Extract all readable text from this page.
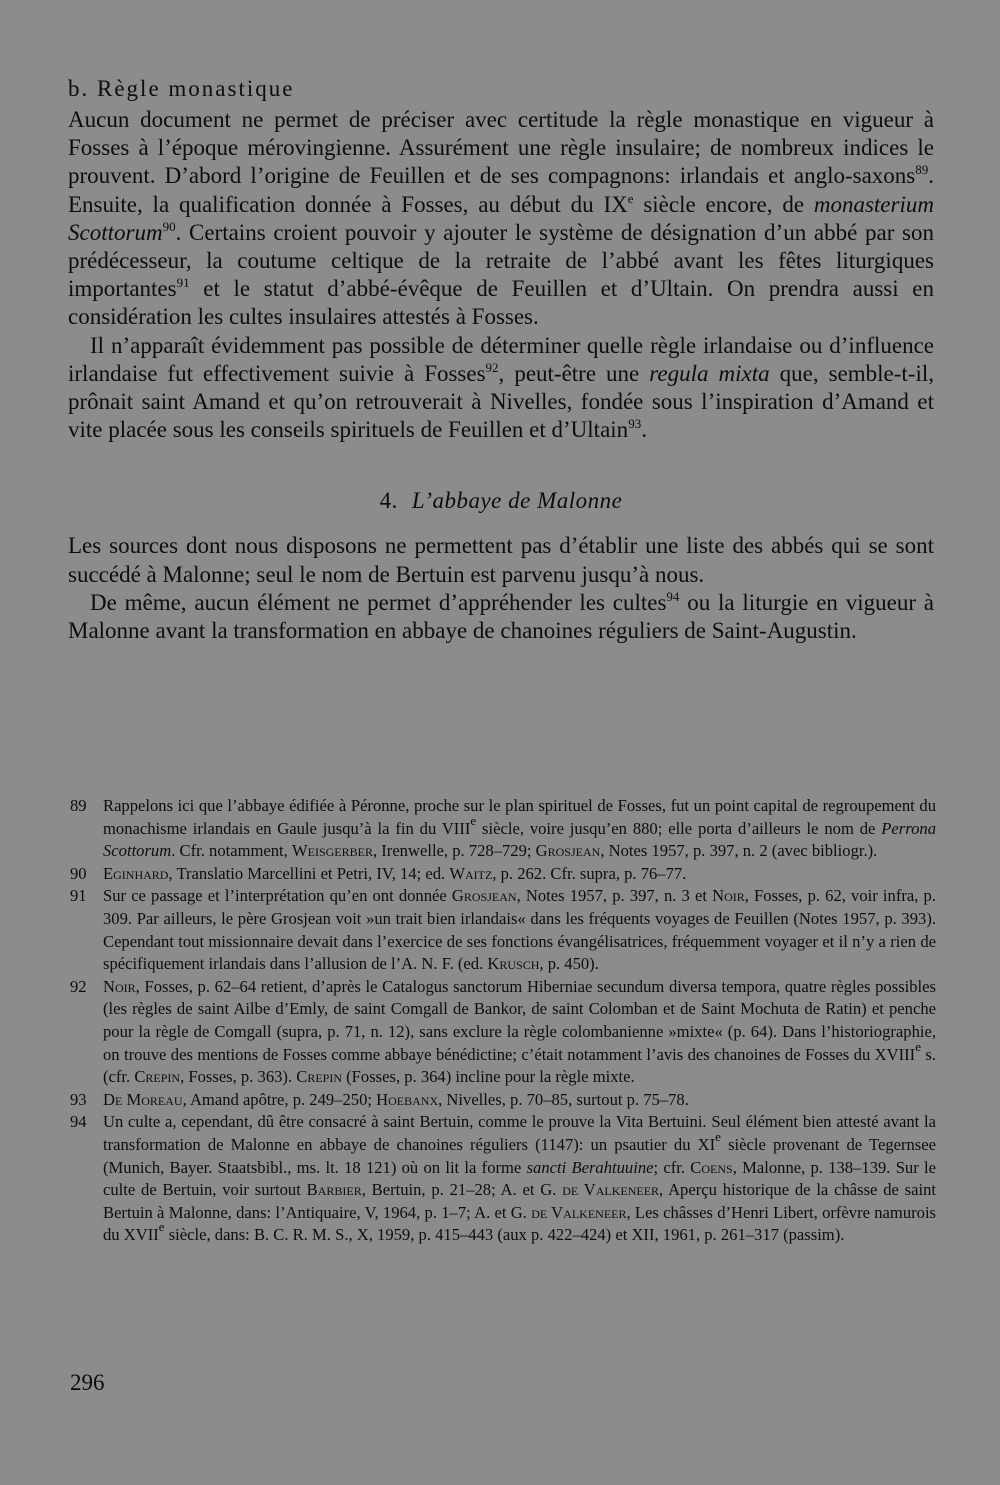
b. Règle monastique

Aucun document ne permet de préciser avec certitude la règle monastique en vigueur à Fosses à l’époque mérovingienne. Assurément une règle insulaire; de nombreux indices le prouvent. D’abord l’origine de Feuillen et de ses compagnons: irlandais et anglo-saxons$^{89}$. Ensuite, la qualification donnée à Fosses, au début du IXe siècle encore, de monasterium Scottorum$^{90}$. Certains croient pouvoir y ajouter le système de désignation d’un abbé par son prédécesseur, la coutume celtique de la retraite de l’abbé avant les fêtes liturgiques importantes$^{91}$ et le statut d’abbé-évêque de Feuillen et d’Ultain. On prendra aussi en considération les cultes insulaires attestés à Fosses.

Il n’apparaît évidemment pas possible de déterminer quelle règle irlandaise ou d’influence irlandaise fut effectivement suivie à Fosses$^{92}$, peut-être une regula mixta que, semble-t-il, prônait saint Amand et qu’on retrouverait à Nivelles, fondée sous l’inspiration d’Amand et vite placée sous les conseils spirituels de Feuillen et d’Ultain$^{93}$.

4. L’abbaye de Malonne

Les sources dont nous disposons ne permettent pas d’établir une liste des abbés qui se sont succédé à Malonne; seul le nom de Bertuin est parvenu jusqu’à nous.

De même, aucun élément ne permet d’appréhender les cultes$^{94}$ ou la liturgie en vigueur à Malonne avant la transformation en abbaye de chanoines réguliers de Saint-Augustin.

89 Rappelons ici que l’abbaye édifiée à Péronne, proche sur le plan spirituel de Fosses, fut un point capital de regroupement du monachisme irlandais en Gaule jusqu’à la fin du VIIIe siècle, voire jusqu’en 880; elle porta d’ailleurs le nom de Perrona Scottorum. Cfr. notamment, Weisgerber, Irenwelle, p. 728–729; Grosjean, Notes 1957, p. 397, n. 2 (avec bibliogr.).
90 Eginhard, Translatio Marcellini et Petri, IV, 14; ed. Waitz, p. 262. Cfr. supra, p. 76–77.
91 Sur ce passage et l’interprétation qu’en ont donnée Grosjean, Notes 1957, p. 397, n. 3 et Noir, Fosses, p. 62, voir infra, p. 309. Par ailleurs, le père Grosjean voit »un trait bien irlandais« dans les fréquents voyages de Feuillen (Notes 1957, p. 393). Cependant tout missionnaire devait dans l’exercice de ses fonctions évangélisatrices, fréquemment voyager et il n’y a rien de spécifiquement irlandais dans l’allusion de l’A. N. F. (ed. Krusch, p. 450).
92 Noir, Fosses, p. 62–64 retient, d’après le Catalogus sanctorum Hiberniae secundum diversa tempora, quatre règles possibles (les règles de saint Ailbe d’Emly, de saint Comgall de Bankor, de saint Colomban et de Saint Mochuta de Ratin) et penche pour la règle de Comgall (supra, p. 71, n. 12), sans exclure la règle colombanienne »mixte« (p. 64). Dans l’historiographie, on trouve des mentions de Fosses comme abbaye bénédictine; c’était notamment l’avis des chanoines de Fosses du XVIIIe s. (cfr. Crepin, Fosses, p. 363). Crepin (Fosses, p. 364) incline pour la règle mixte.
93 De Moreau, Amand apôtre, p. 249–250; Hoebanx, Nivelles, p. 70–85, surtout p. 75–78.
94 Un culte a, cependant, dû être consacré à saint Bertuin, comme le prouve la Vita Bertuini. Seul élément bien attesté avant la transformation de Malonne en abbaye de chanoines réguliers (1147): un psautier du XIe siècle provenant de Tegernsee (Munich, Bayer. Staatsbibl., ms. lt. 18 121) où on lit la forme sancti Berahtuuine; cfr. Coens, Malonne, p. 138–139. Sur le culte de Bertuin, voir surtout Barbier, Bertuin, p. 21–28; A. et G. de Valkeneer, Aperçu historique de la châsse de saint Bertuin à Malonne, dans: l’Antiquaire, V, 1964, p. 1–7; A. et G. de Valkeneer, Les châsses d’Henri Libert, orfèvre namurois du XVIIe siècle, dans: B. C. R. M. S., X, 1959, p. 415–443 (aux p. 422–424) et XII, 1961, p. 261–317 (passim).
296
